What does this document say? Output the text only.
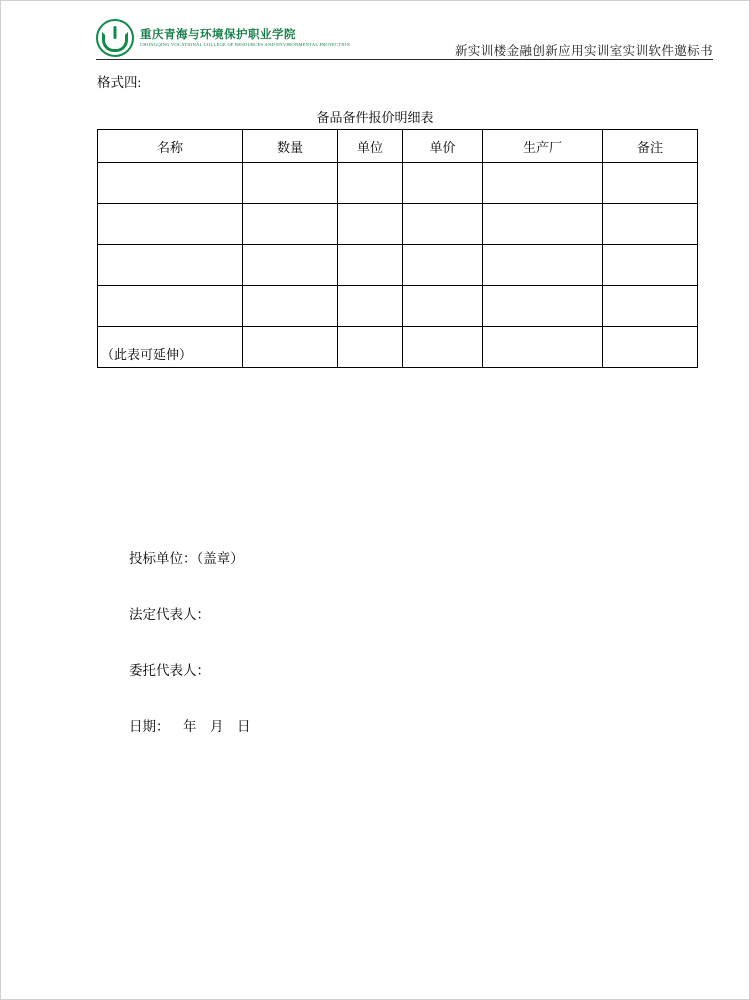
重庆青海与环境保护职业学院
CHONGQING VOCATIONAL COLLEGE OF RESOURCES AND ENVIRONMENTAL PROTECTION	新实训楼金融创新应用实训室实训软件邀标书
格式四:
备品备件报价明细表
名称	数量	单位	单价	生产厂	备注

（此表可延伸）
投标单位：（盖章）
法定代表人：
委托代表人：
日期：    年    月    日
